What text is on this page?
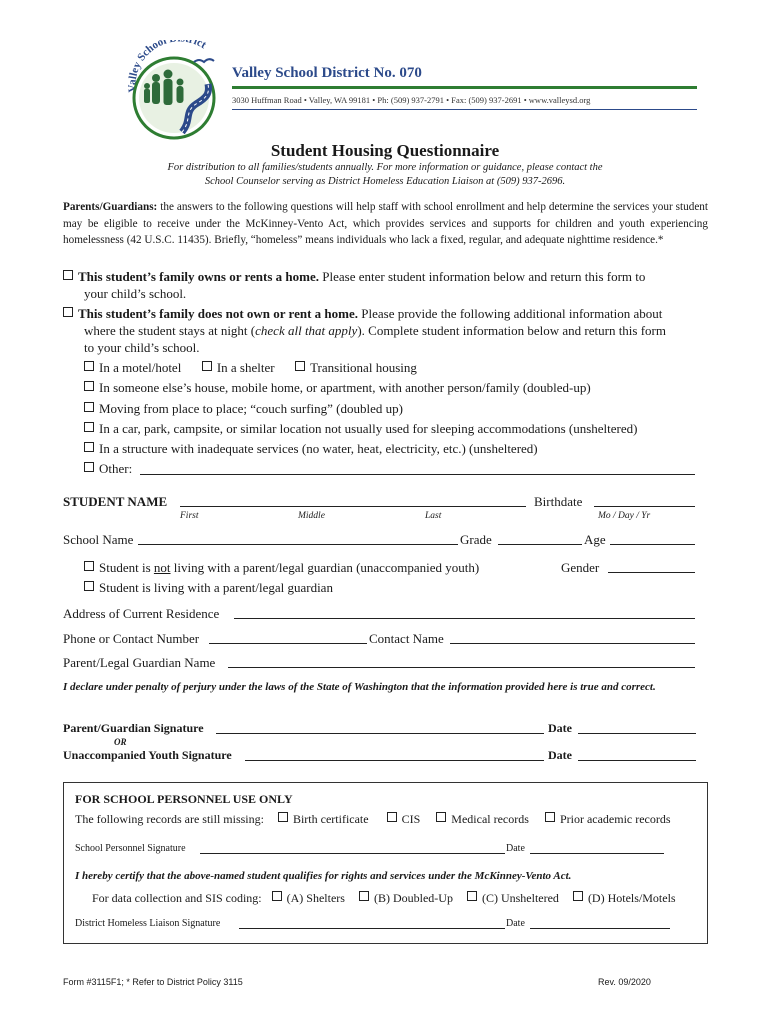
Valley School ict
Valley School District No. 070
3030 Huffman Road • Valley, WA 99181 • Ph: (509) 937-2791 • Fax: (509) 937-2691 • www.valleysd.org
Student Housing Questionnaire
For distribution to all families/students annually. For more information or guidance, please contact the
School Counselor serving as District Homeless Education Liaison at (509) 937-2696.
Parents/Guardians: the answers to the following questions will help staff with school enrollment and help determine the services your student may be eligible to receive under the McKinney-Vento Act, which provides services and supports for children and youth experiencing homelessness (42 U.S.C. 11435). Briefly, “homeless” means individuals who lack a fixed, regular, and adequate nighttime residence.*
This student’s family owns or rents a home. Please enter student information below and return this form to
your child’s school.
This student’s family does not own or rent a home. Please provide the following additional information about
where the student stays at night (check all that apply). Complete student information below and return this form
to your child’s school.
In a motel/hotel	In a shelter	Transitional housing
In someone else’s house, mobile home, or apartment, with another person/family (doubled-up)
Moving from place to place; “couch surfing” (doubled up)
In a car, park, campsite, or similar location not usually used for sleeping accommodations (unsheltered)
In a structure with inadequate services (no water, heat, electricity, etc.) (unsheltered)
Other:
STUDENT NAME	Birthdate
First	Middle	Last	Mo / Day / Yr
School Name	Grade	Age
Student is not living with a parent/legal guardian (unaccompanied youth)	Gender
Student is living with a parent/legal guardian
Address of Current Residence
Phone or Contact Number	Contact Name
Parent/Legal Guardian Name
I declare under penalty of perjury under the laws of the State of Washington that the information provided here is true and correct.
Parent/Guardian Signature	Date
OR
Unaccompanied Youth Signature	Date
FOR SCHOOL PERSONNEL USE ONLY
The following records are still missing: Birth certificate	CIS	Medical records	Prior academic records
School Personnel Signature	Date
I hereby certify that the above-named student qualifies for rights and services under the McKinney-Vento Act.
For data collection and SIS coding: (A) Shelters (B) Doubled-Up (C) Unsheltered (D) Hotels/Motels
District Homeless Liaison Signature	Date
Form #3115F1; * Refer to District Policy 3115	Rev. 09/2020
